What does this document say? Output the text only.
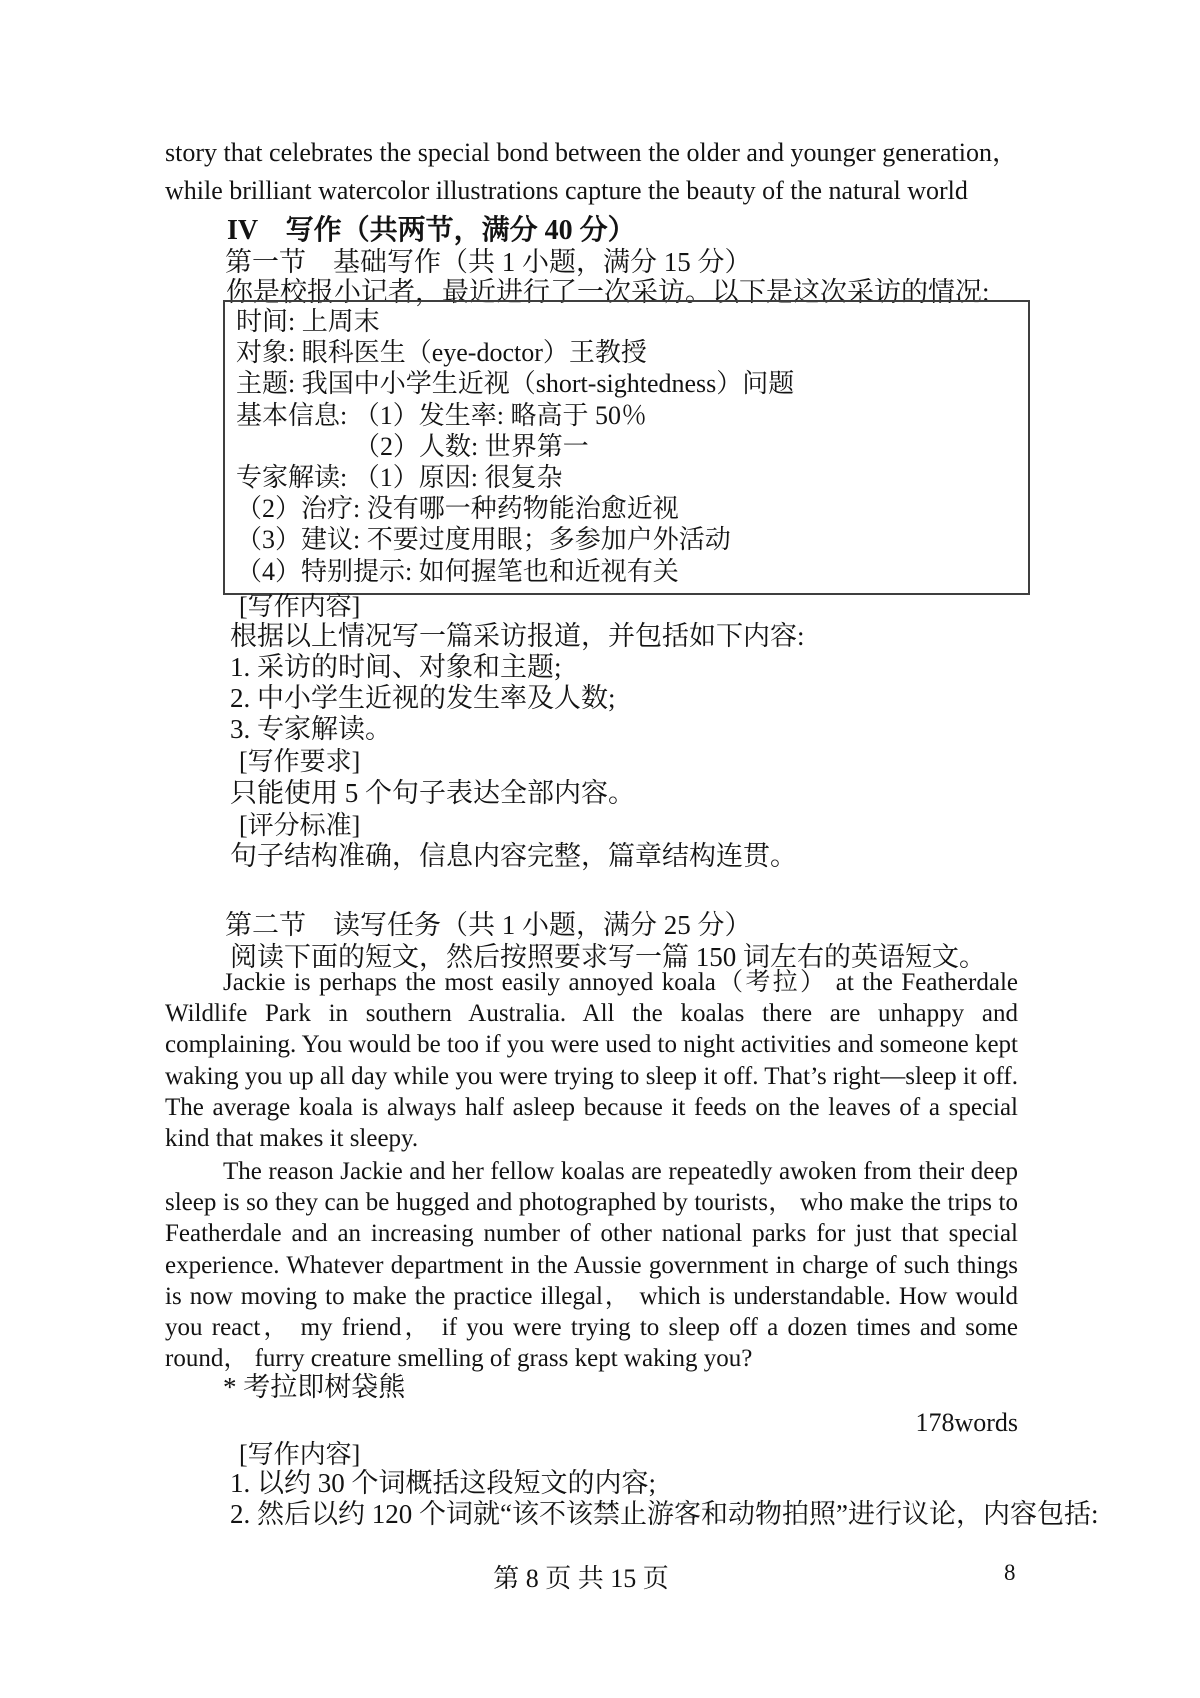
story that celebrates the special bond between the older and younger generation，
while brilliant watercolor illustrations capture the beauty of the natural world
IV　写作（共两节，满分 40 分）
第一节　基础写作（共 1 小题，满分 15 分）
你是校报小记者，最近进行了一次采访。以下是这次采访的情况:
时间: 上周末
对象: 眼科医生（eye-doctor）王教授
主题: 我国中小学生近视（short-sightedness）问题
基本信息: （1）发生率: 略高于 50％
（2）人数: 世界第一
专家解读: （1）原因: 很复杂
（2）治疗: 没有哪一种药物能治愈近视
（3）建议: 不要过度用眼；多参加户外活动
（4）特别提示: 如何握笔也和近视有关
[写作内容]
根据以上情况写一篇采访报道，并包括如下内容:
1. 采访的时间、对象和主题;
2. 中小学生近视的发生率及人数;
3. 专家解读。
[写作要求]
只能使用 5 个句子表达全部内容。
[评分标准]
句子结构准确，信息内容完整，篇章结构连贯。
第二节　读写任务（共 1 小题，满分 25 分）
阅读下面的短文，然后按照要求写一篇 150 词左右的英语短文。
Jackie is perhaps the most easily annoyed koala（考拉） at the Featherdale
Wildlife Park in southern Australia. All the koalas there are unhappy and
complaining. You would be too if you were used to night activities and someone kept
waking you up all day while you were trying to sleep it off. That’s right—sleep it off.
The average koala is always half asleep because it feeds on the leaves of a special
kind that makes it sleepy.
The reason Jackie and her fellow koalas are repeatedly awoken from their deep
sleep is so they can be hugged and photographed by tourists， who make the trips to
Featherdale and an increasing number of other national parks for just that special
experience. Whatever department in the Aussie government in charge of such things
is now moving to make the practice illegal， which is understandable. How would
you react， my friend， if you were trying to sleep off a dozen times and some
round， furry creature smelling of grass kept waking you?
* 考拉即树袋熊
178words
[写作内容]
1. 以约 30 个词概括这段短文的内容;
2. 然后以约 120 个词就“该不该禁止游客和动物拍照”进行议论，内容包括:
第 8 页 共 15 页	8
